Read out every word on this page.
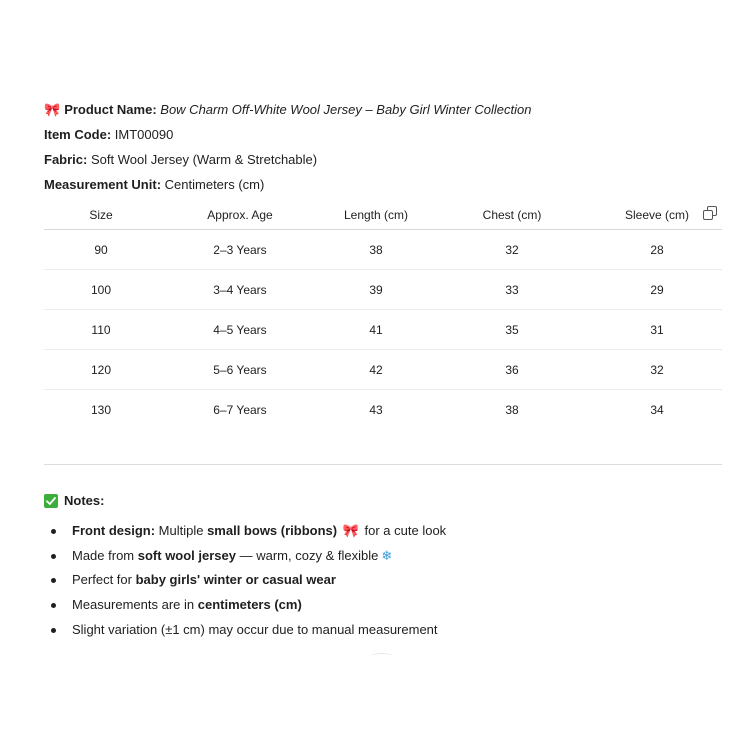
🎀 Product Name: Bow Charm Off-White Wool Jersey – Baby Girl Winter Collection
Item Code: IMT00090
Fabric: Soft Wool Jersey (Warm & Stretchable)
Measurement Unit: Centimeters (cm)
Size	Approx. Age	Length (cm)	Chest (cm)	Sleeve (cm)
90	2–3 Years	38	32	28
100	3–4 Years	39	33	29
110	4–5 Years	41	35	31
120	5–6 Years	42	36	32
130	6–7 Years	43	38	34
Notes:
Front design: Multiple small bows (ribbons) 🎀 for a cute look
Made from soft wool jersey — warm, cozy & flexible ❄
Perfect for baby girls' winter or casual wear
Measurements are in centimeters (cm)
Slight variation (±1 cm) may occur due to manual measurement
